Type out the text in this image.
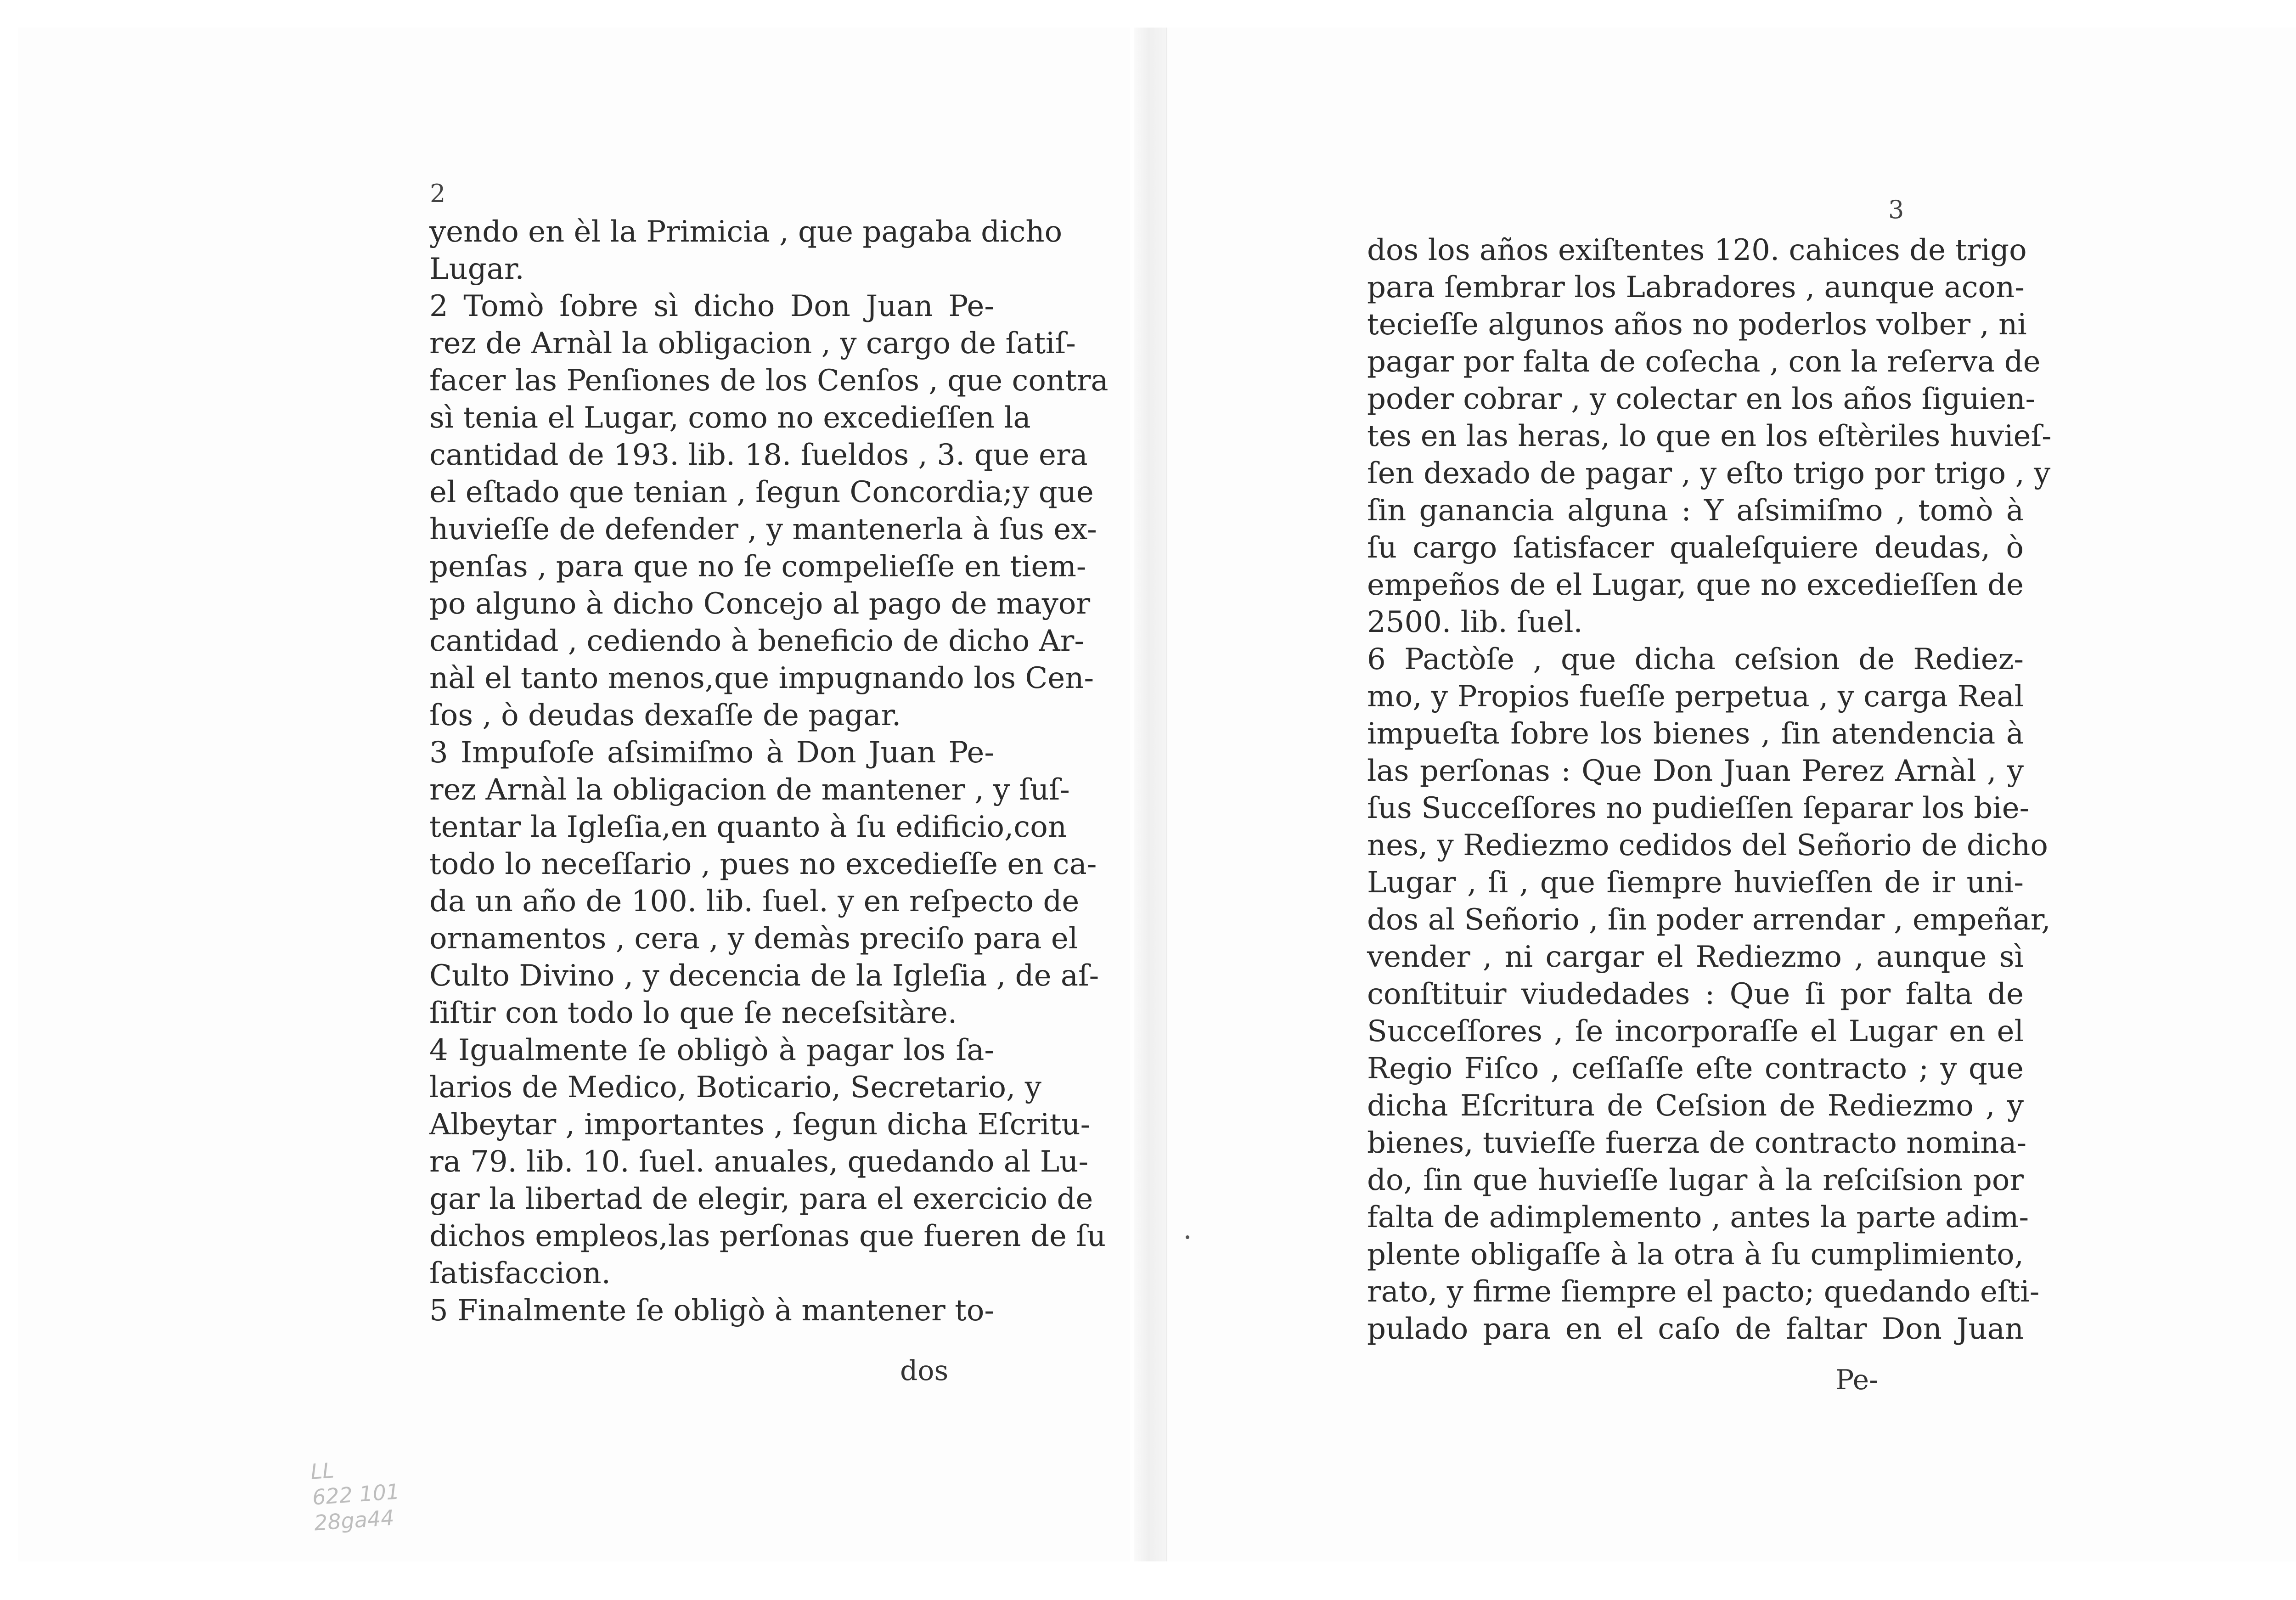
2
yendo en èl la Primicia , que pagaba dicho
Lugar.
2 Tomò ſobre sì dicho Don Juan Pe-
rez de Arnàl la obligacion , y cargo de ſatiſ-
facer las Penſiones de los Cenſos , que contra
sì tenia el Lugar, como no excedieſſen la
cantidad de 193. lib. 18. ſueldos , 3. que era
el eſtado que tenian , ſegun Concordia;y que
huvieſſe de defender , y mantenerla à ſus ex-
penſas , para que no ſe compelieſſe en tiem-
po alguno à dicho Concejo al pago de mayor
cantidad , cediendo à beneficio de dicho Ar-
nàl el tanto menos,que impugnando los Cen-
ſos , ò deudas dexaſſe de pagar.
3 Impuſoſe aſsimiſmo à Don Juan Pe-
rez Arnàl la obligacion de mantener , y ſuſ-
tentar la Igleſia,en quanto à ſu edificio,con
todo lo neceſſario , pues no excedieſſe en ca-
da un año de 100. lib. ſuel. y en reſpecto de
ornamentos , cera , y demàs preciſo para el
Culto Divino , y decencia de la Igleſia , de aſ-
ſiſtir con todo lo que ſe neceſsitàre.
4 Igualmente ſe obligò à pagar los ſa-
larios de Medico, Boticario, Secretario, y
Albeytar , importantes , ſegun dicha Eſcritu-
ra 79. lib. 10. ſuel. anuales, quedando al Lu-
gar la libertad de elegir, para el exercicio de
dichos empleos,las perſonas que fueren de ſu
ſatisfaccion.
5 Finalmente ſe obligò à mantener to-
dos
LL
622 101
28ga44
3
dos los años exiſtentes 120. cahices de trigo
para ſembrar los Labradores , aunque acon-
tecieſſe algunos años no poderlos volber , ni
pagar por falta de coſecha , con la reſerva de
poder cobrar , y colectar en los años ſiguien-
tes en las heras, lo que en los eſtèriles huvieſ-
ſen dexado de pagar , y eſto trigo por trigo , y
ſin ganancia alguna : Y aſsimiſmo , tomò à
ſu cargo ſatisfacer qualeſquiere deudas, ò
empeños de el Lugar, que no excedieſſen de
2500. lib. ſuel.
6 Pactòſe , que dicha ceſsion de Rediez-
mo, y Propios fueſſe perpetua , y carga Real
impueſta ſobre los bienes , ſin atendencia à
las perſonas : Que Don Juan Perez Arnàl , y
ſus Succeſſores no pudieſſen ſeparar los bie-
nes, y Rediezmo cedidos del Señorio de dicho
Lugar , ſi , que ſiempre huvieſſen de ir uni-
dos al Señorio , ſin poder arrendar , empeñar,
vender , ni cargar el Rediezmo , aunque sì
conſtituir viudedades : Que ſi por falta de
Succeſſores , ſe incorporaſſe el Lugar en el
Regio Fiſco , ceſſaſſe eſte contracto ; y que
dicha Eſcritura de Ceſsion de Rediezmo , y
bienes, tuvieſſe fuerza de contracto nomina-
do, ſin que huvieſſe lugar à la reſciſsion por
falta de adimplemento , antes la parte adim-
plente obligaſſe à la otra à ſu cumplimiento,
rato, y firme ſiempre el pacto; quedando eſti-
pulado para en el caſo de faltar Don Juan
Pe-
